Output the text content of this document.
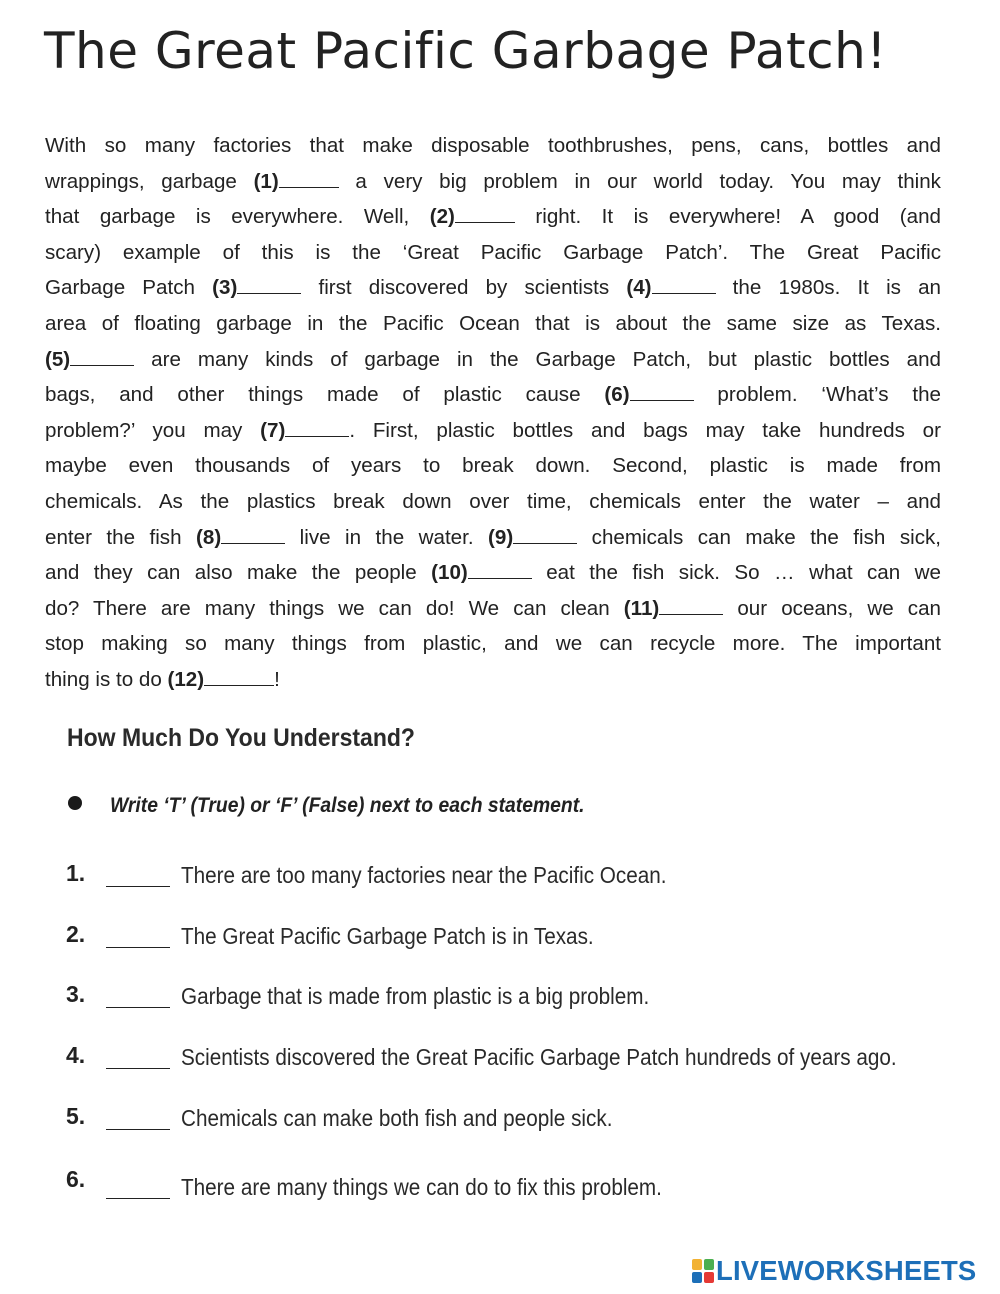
The Great Pacific Garbage Patch!
With so many factories that make disposable toothbrushes, pens, cans, bottles and
wrappings, garbage (1)	a very big problem in our world today. You may think
that garbage is everywhere. Well, (2)	right. It is everywhere! A good (and
scary) example of this is the ‘Great Pacific Garbage Patch’. The Great Pacific
Garbage Patch (3)	first discovered by scientists (4)	the 1980s. It is an
area of floating garbage in the Pacific Ocean that is about the same size as Texas.
(5)	are many kinds of garbage in the Garbage Patch, but plastic bottles and
bags, and other things made of plastic cause (6)	problem. ‘What’s the
problem?’ you may (7)	. First, plastic bottles and bags may take hundreds or
maybe even thousands of years to break down. Second, plastic is made from
chemicals. As the plastics break down over time, chemicals enter the water – and
enter the fish (8)	live in the water. (9)	chemicals can make the fish sick,
and they can also make the people (10)	eat the fish sick. So … what can we
do? There are many things we can do! We can clean (11)	our oceans, we can
stop making so many things from plastic, and we can recycle more. The important
thing is to do (12)	!
How Much Do You Understand?

Write ‘T’ (True) or ‘F’ (False) next to each statement.

1.	There are too many factories near the Pacific Ocean.
2.	The Great Pacific Garbage Patch is in Texas.
3.	Garbage that is made from plastic is a big problem.
4.	Scientists discovered the Great Pacific Garbage Patch hundreds of years ago.
5.	Chemicals can make both fish and people sick.
6.	There are many things we can do to fix this problem.
LIVEWORKSHEETS
